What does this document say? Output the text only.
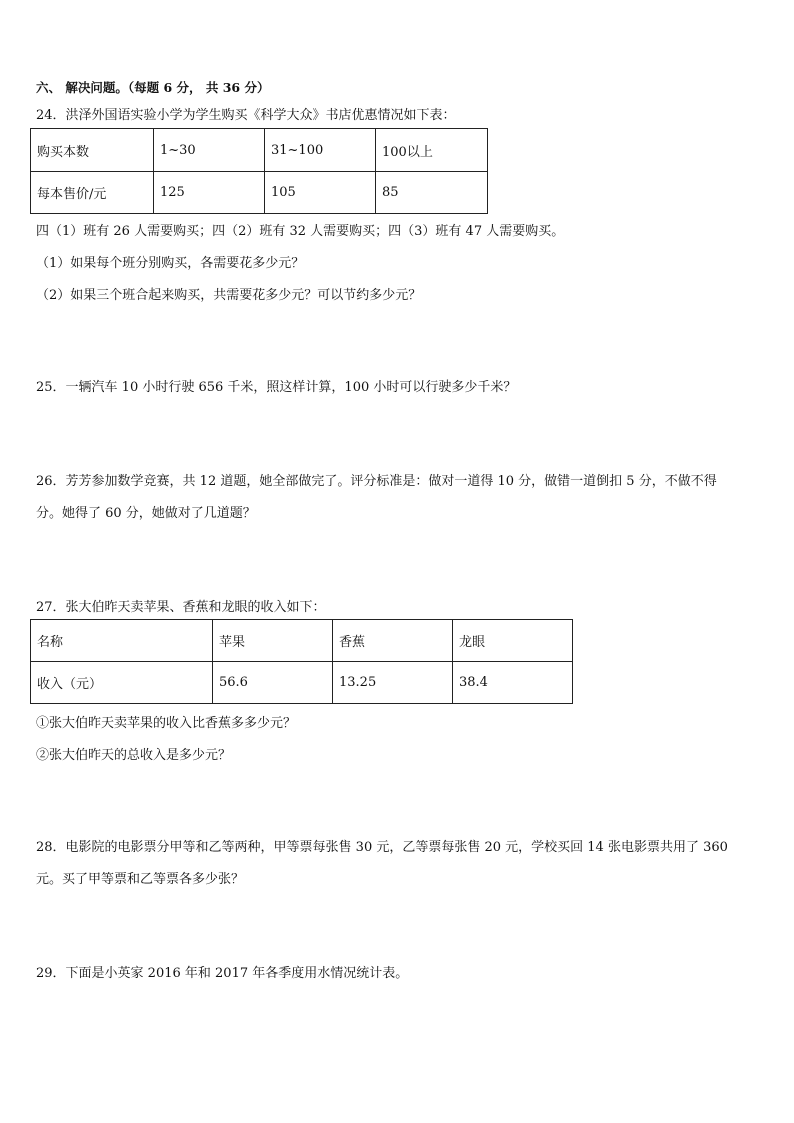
六、 解决问题。（每题 6 分， 共 36 分）
24．洪泽外国语实验小学为学生购买《科学大众》书店优惠情况如下表：
购买本数	1~30	31~100	100以上
每本售价/元	125	105	85
四（1）班有 26 人需要购买；四（2）班有 32 人需要购买；四（3）班有 47 人需要购买。
（1）如果每个班分别购买，各需要花多少元？
（2）如果三个班合起来购买，共需要花多少元？可以节约多少元？
25．一辆汽车 10 小时行驶 656 千米，照这样计算，100 小时可以行驶多少千米？
26．芳芳参加数学竞赛，共 12 道题，她全部做完了。评分标准是：做对一道得 10 分，做错一道倒扣 5 分，不做不得
分。她得了 60 分，她做对了几道题？
27．张大伯昨天卖苹果、香蕉和龙眼的收入如下：
名称	苹果	香蕉	龙眼
收入（元）	56.6	13.25	38.4
①张大伯昨天卖苹果的收入比香蕉多多少元？
②张大伯昨天的总收入是多少元？
28．电影院的电影票分甲等和乙等两种，甲等票每张售 30 元，乙等票每张售 20 元，学校买回 14 张电影票共用了 360
元。买了甲等票和乙等票各多少张？
29．下面是小英家 2016 年和 2017 年各季度用水情况统计表。
